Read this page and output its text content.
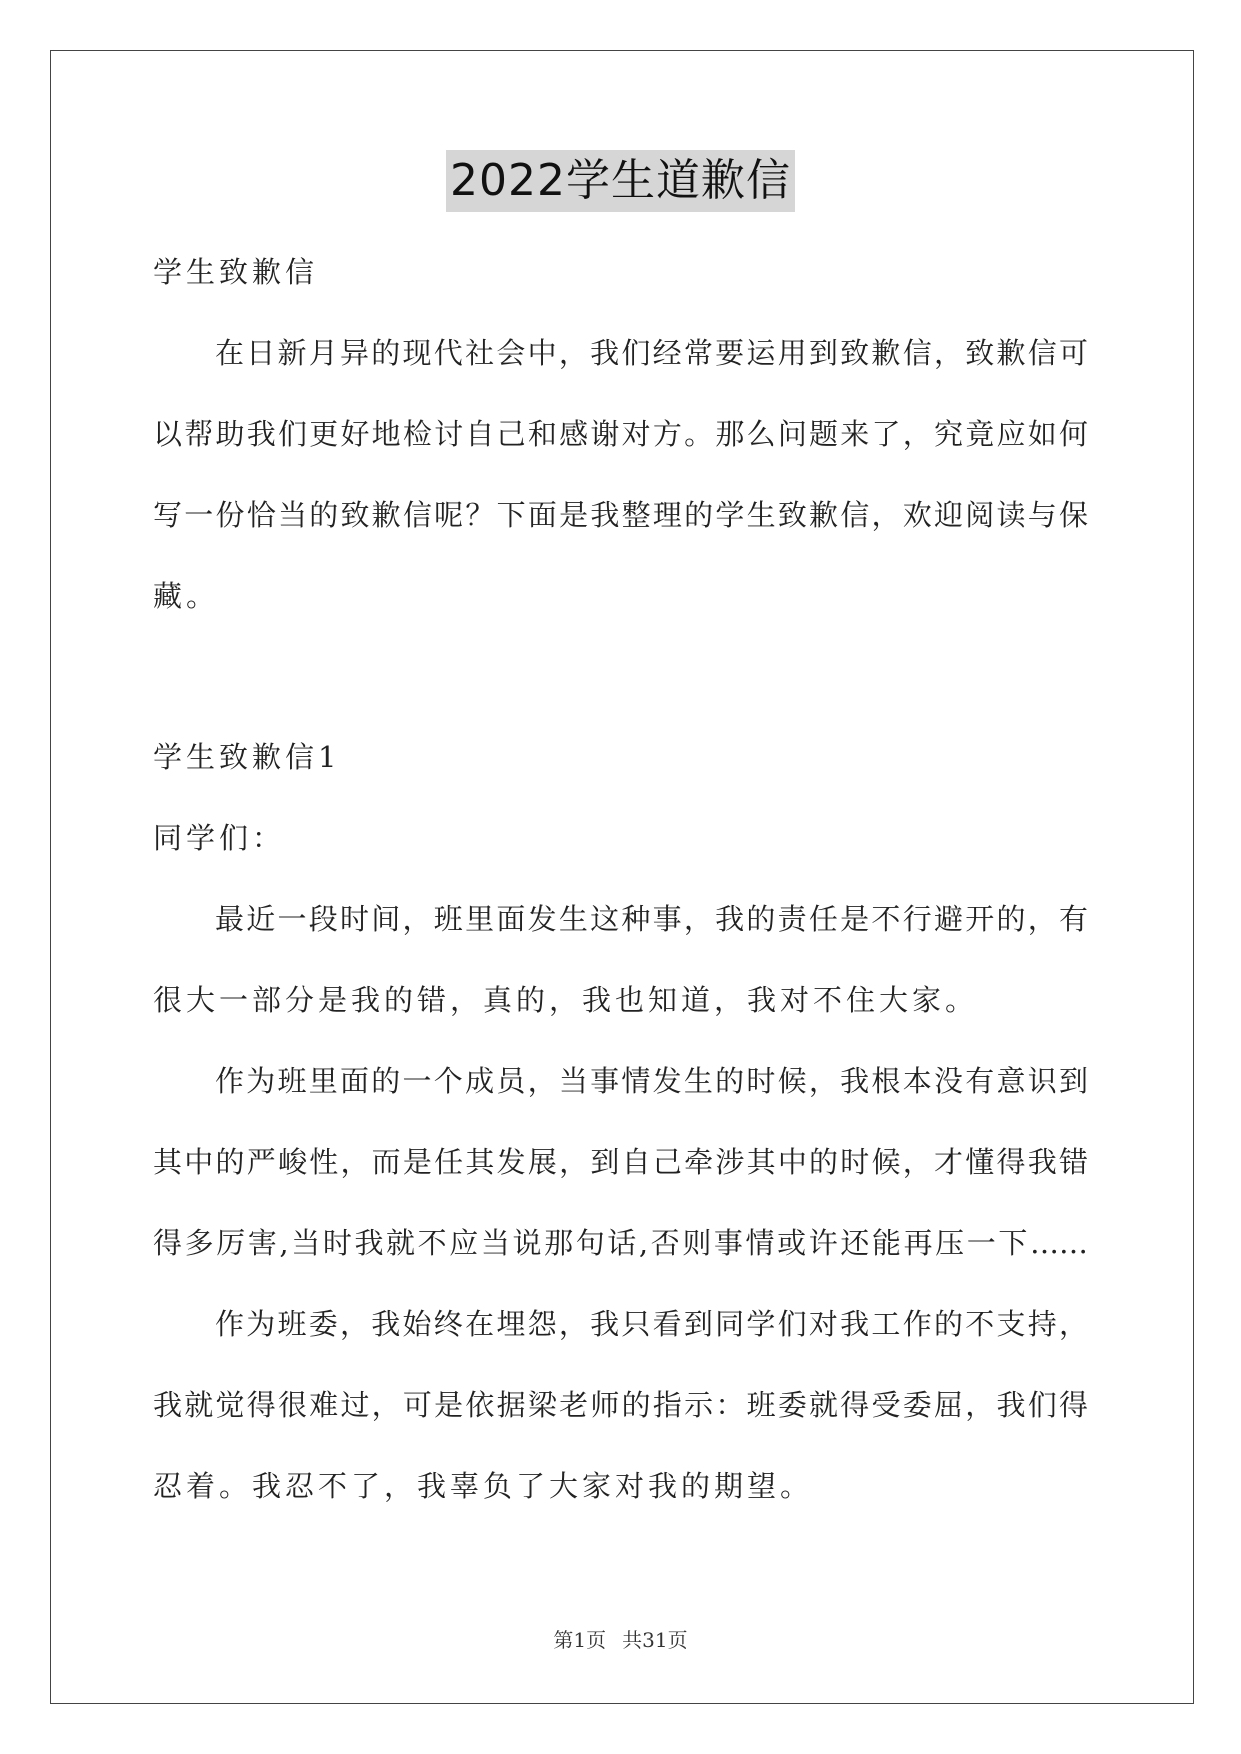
2022学生道歉信
学生致歉信
在日新月异的现代社会中，我们经常要运用到致歉信，致歉信可
以帮助我们更好地检讨自己和感谢对方。那么问题来了，究竟应如何
写一份恰当的致歉信呢？下面是我整理的学生致歉信，欢迎阅读与保
藏。
学生致歉信1
同学们：
最近一段时间，班里面发生这种事，我的责任是不行避开的，有
很大一部分是我的错，真的，我也知道，我对不住大家。
作为班里面的一个成员，当事情发生的时候，我根本没有意识到
其中的严峻性，而是任其发展，到自己牵涉其中的时候，才懂得我错
得多厉害,当时我就不应当说那句话,否则事情或许还能再压一下……
作为班委，我始终在埋怨，我只看到同学们对我工作的不支持，
我就觉得很难过，可是依据梁老师的指示：班委就得受委屈，我们得
忍着。我忍不了，我辜负了大家对我的期望。
第1页 共31页
